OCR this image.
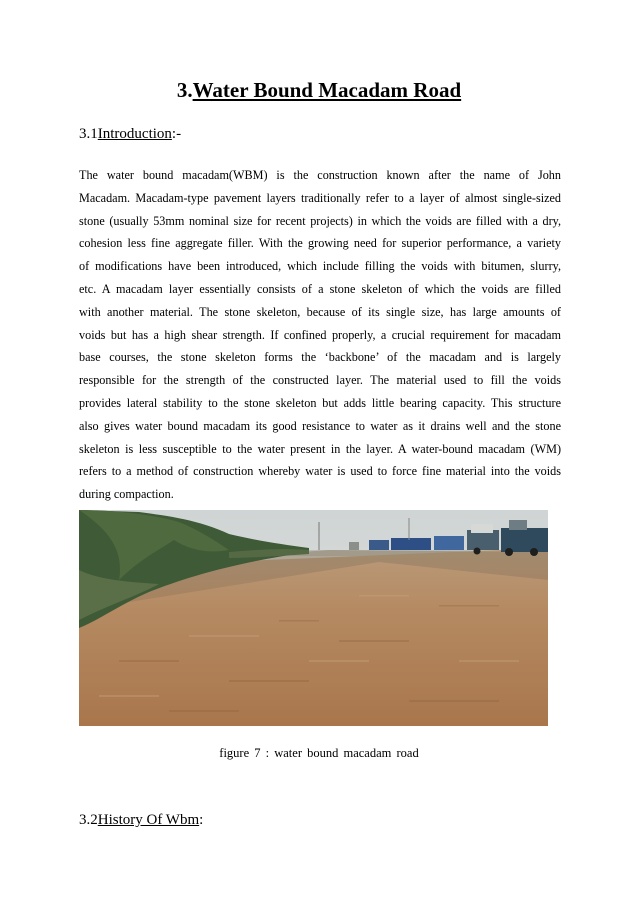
3.Water Bound Macadam Road
3.1Introduction:-
The water bound macadam(WBM) is the construction known after the name of John
Macadam. Macadam-type pavement layers traditionally refer to a layer of almost single-sized
stone (usually 53mm nominal size for recent projects) in which the voids are filled with a dry,
cohesion less fine aggregate filler. With the growing need for superior performance, a variety
of modifications have been introduced, which include filling the voids with bitumen, slurry,
etc. A macadam layer essentially consists of a stone skeleton of which the voids are filled
with another material. The stone skeleton, because of its single size, has large amounts of
voids but has a high shear strength. If confined properly, a crucial requirement for macadam
base courses, the stone skeleton forms the ‘backbone’ of the macadam and is largely
responsible for the strength of the constructed layer. The material used to fill the voids
provides lateral stability to the stone skeleton but adds little bearing capacity. This structure
also gives water bound macadam its good resistance to water as it drains well and the stone
skeleton is less susceptible to the water present in the layer. A water-bound macadam (WM)
refers to a method of construction whereby water is used to force fine material into the voids
during compaction.
figure 7 : water bound macadam road
3.2History Of Wbm:
